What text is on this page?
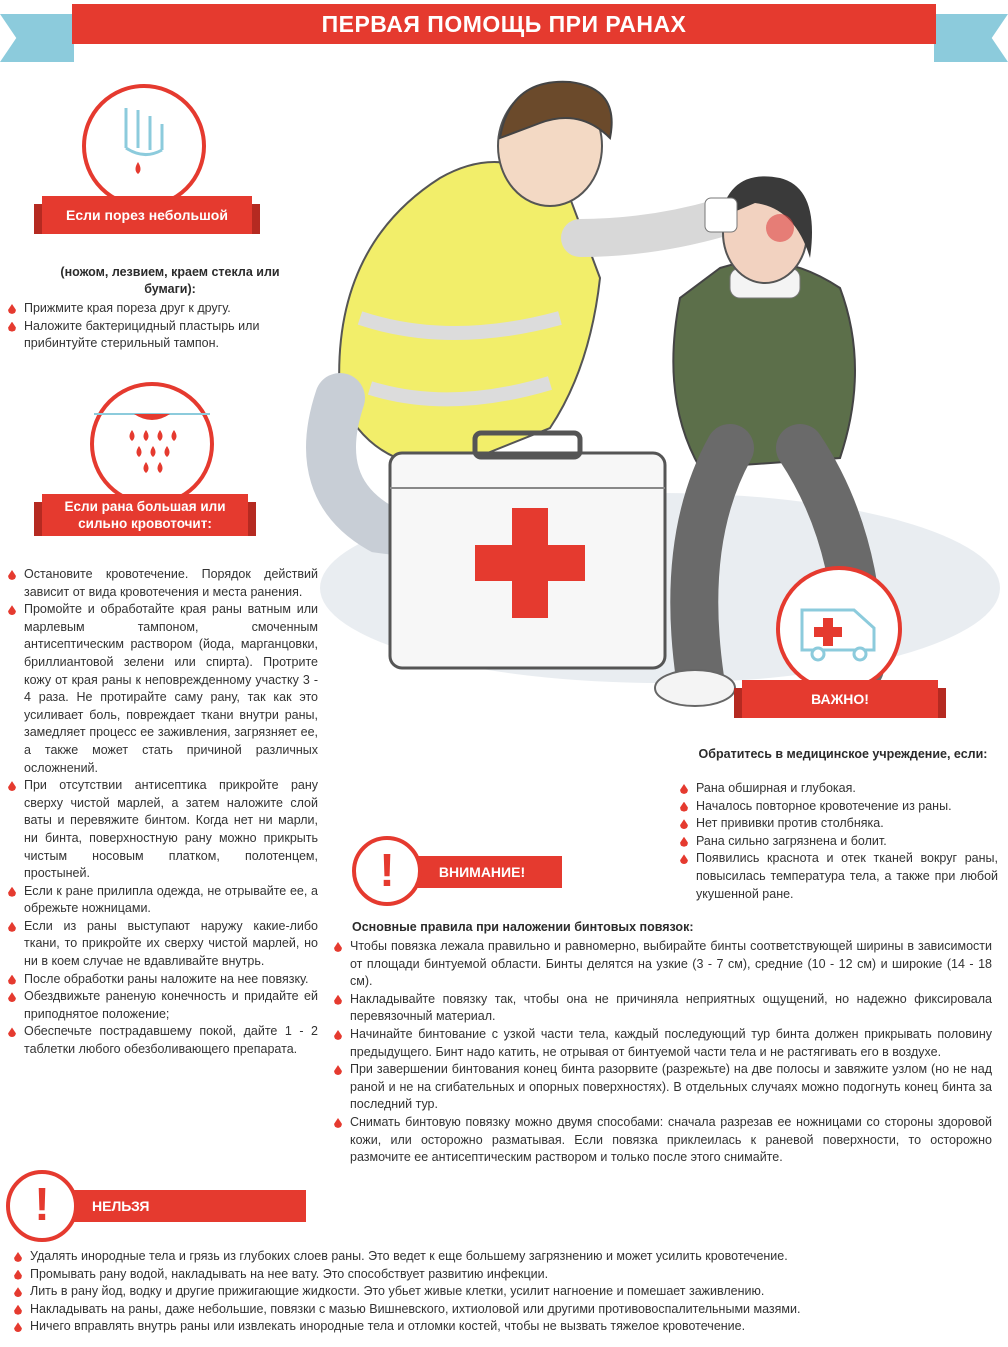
ПЕРВАЯ ПОМОЩЬ ПРИ РАНАХ
Если порез небольшой
(ножом, лезвием, краем стекла или бумаги):
Прижмите края пореза друг к другу.
Наложите бактерицидный пластырь или прибинтуйте стерильный тампон.
Если рана большая или сильно кровоточит:
Остановите кровотечение. Порядок действий зависит от вида кровотечения и места ранения.
Промойте и обработайте края раны ватным или марлевым тампоном, смоченным антисептическим раствором (йода, марганцовки, бриллиантовой зелени или спирта). Протрите кожу от края раны к неповрежденному участку 3 - 4 раза. Не протирайте саму рану, так как это усиливает боль, повреждает ткани внутри раны, замедляет процесс ее заживления, загрязняет ее, а также может стать причиной различных осложнений.
При отсутствии антисептика прикройте рану сверху чистой марлей, а затем наложите слой ваты и перевяжите бинтом. Когда нет ни марли, ни бинта, поверхностную рану можно прикрыть чистым носовым платком, полотенцем, простыней.
Если к ране прилипла одежда, не отрывайте ее, а обрежьте ножницами.
Если из раны выступают наружу какие-либо ткани, то прикройте их сверху чистой марлей, но ни в коем случае не вдавливайте внутрь.
После обработки раны наложите на нее повязку.
Обездвижьте раненую конечность и придайте ей приподнятое положение;
Обеспечьте пострадавшему покой, дайте 1 - 2 таблетки любого обезболивающего препарата.
ВАЖНО!
Обратитесь в медицинское учреждение, если:
Рана обширная и глубокая.
Началось повторное кровотечение из раны.
Нет прививки против столбняка.
Рана сильно загрязнена и болит.
Появились краснота и отек тканей вокруг раны, повысилась температура тела, а также при любой укушенной ране.
ВНИМАНИЕ!
!
Основные правила при наложении бинтовых повязок:
Чтобы повязка лежала правильно и равномерно, выбирайте бинты соответствующей ширины в зависимости от площади бинтуемой области. Бинты делятся на узкие (3 - 7 см), средние (10 - 12 см) и широкие (14 - 18 см).
Накладывайте повязку так, чтобы она не причиняла неприятных ощущений, но надежно фиксировала перевязочный материал.
Начинайте бинтование с узкой части тела, каждый последующий тур бинта должен прикрывать половину предыдущего. Бинт надо катить, не отрывая от бинтуемой части тела и не растягивать его в воздухе.
При завершении бинтования конец бинта разорвите (разрежьте) на две полосы и завяжите узлом (но не над раной и не на сгибательных и опорных поверхностях). В отдельных случаях можно подогнуть конец бинта за последний тур.
Снимать бинтовую повязку можно двумя способами: сначала разрезав ее ножницами со стороны здоровой кожи, или осторожно разматывая. Если повязка приклеилась к раневой поверхности, то осторожно размочите ее антисептическим раствором и только после этого снимайте.
НЕЛЬЗЯ
!
Удалять инородные тела и грязь из глубоких слоев раны. Это ведет к еще большему загрязнению и может усилить кровотечение.
Промывать рану водой, накладывать на нее вату. Это способствует развитию инфекции.
Лить в рану йод, водку и другие прижигающие жидкости. Это убьет живые клетки, усилит нагноение и помешает заживлению.
Накладывать на раны, даже небольшие, повязки с мазью Вишневского, ихтиоловой или другими противовоспалительными мазями.
Ничего вправлять внутрь раны или извлекать инородные тела и отломки костей, чтобы не вызвать тяжелое кровотечение.
